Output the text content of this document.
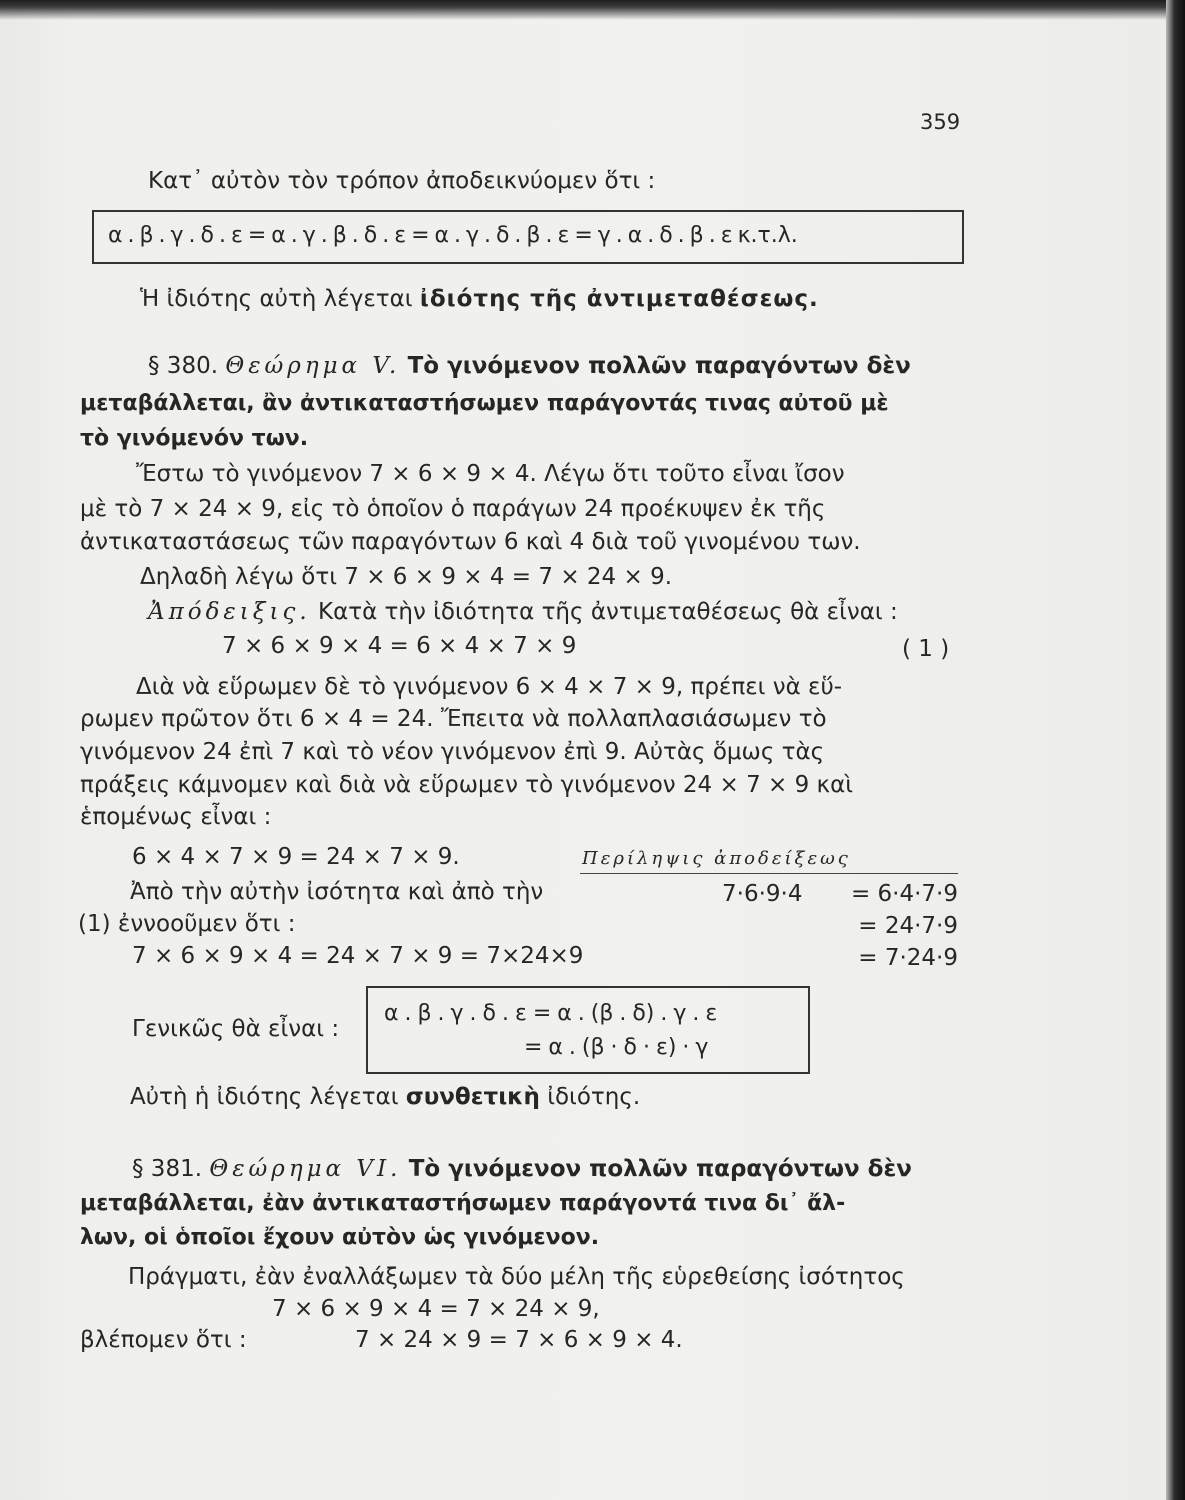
359
Κατ᾽ αὐτὸν τὸν τρόπον ἀποδεικνύομεν ὅτι :
α . β . γ . δ . ε = α . γ . β . δ . ε = α . γ . δ . β . ε = γ . α . δ . β . ε κ.τ.λ.
Ἡ ἰδιότης αὐτὴ λέγεται ἰδιότης τῆς ἀντιμεταθέσεως.
§ 380. Θεώρημα V. Τὸ γινόμενον πολλῶν παραγόντων δὲν
μεταβάλλεται, ἂν ἀντικαταστήσωμεν παράγοντάς τινας αὐτοῦ μὲ
τὸ γινόμενόν των.
Ἔστω τὸ γινόμενον 7 × 6 × 9 × 4. Λέγω ὅτι τοῦτο εἶναι ἴσον
μὲ τὸ 7 × 24 × 9, εἰς τὸ ὁποῖον ὁ παράγων 24 προέκυψεν ἐκ τῆς
ἀντικαταστάσεως τῶν παραγόντων 6 καὶ 4 διὰ τοῦ γινομένου των.
Δηλαδὴ λέγω ὅτι 7 × 6 × 9 × 4 = 7 × 24 × 9.
Ἀπόδειξις. Κατὰ τὴν ἰδιότητα τῆς ἀντιμεταθέσεως θὰ εἶναι :
7 × 6 × 9 × 4 = 6 × 4 × 7 × 9	( 1 )
Διὰ νὰ εὕρωμεν δὲ τὸ γινόμενον 6 × 4 × 7 × 9, πρέπει νὰ εὕ-
ρωμεν πρῶτον ὅτι 6 × 4 = 24. Ἔπειτα νὰ πολλαπλασιάσωμεν τὸ
γινόμενον 24 ἐπὶ 7 καὶ τὸ νέον γινόμενον ἐπὶ 9. Αὐτὰς ὅμως τὰς
πράξεις κάμνομεν καὶ διὰ νὰ εὕρωμεν τὸ γινόμενον 24 × 7 × 9 καὶ
ἑπομένως εἶναι :
6 × 4 × 7 × 9 = 24 × 7 × 9.	Περίληψις ἀποδείξεως
Ἀπὸ τὴν αὐτὴν ἰσότητα καὶ ἀπὸ τὴν	7·6·9·4	= 6·4·7·9
(1) ἐννοοῦμεν ὅτι :	= 24·7·9
7 × 6 × 9 × 4 = 24 × 7 × 9 = 7×24×9	= 7·24·9
Γενικῶς θὰ εἶναι :
α . β . γ . δ . ε = α . (β . δ) . γ . ε
= α . (β · δ · ε) · γ
Αὐτὴ ἡ ἰδιότης λέγεται συνθετικὴ ἰδιότης.
§ 381. Θεώρημα VI. Τὸ γινόμενον πολλῶν παραγόντων δὲν
μεταβάλλεται, ἐὰν ἀντικαταστήσωμεν παράγοντά τινα δι᾽ ἄλ-
λων, οἱ ὁποῖοι ἔχουν αὐτὸν ὡς γινόμενον.
Πράγματι, ἐὰν ἐναλλάξωμεν τὰ δύο μέλη τῆς εὑρεθείσης ἰσότητος
7 × 6 × 9 × 4 = 7 × 24 × 9,
βλέπομεν ὅτι :	7 × 24 × 9 = 7 × 6 × 9 × 4.
